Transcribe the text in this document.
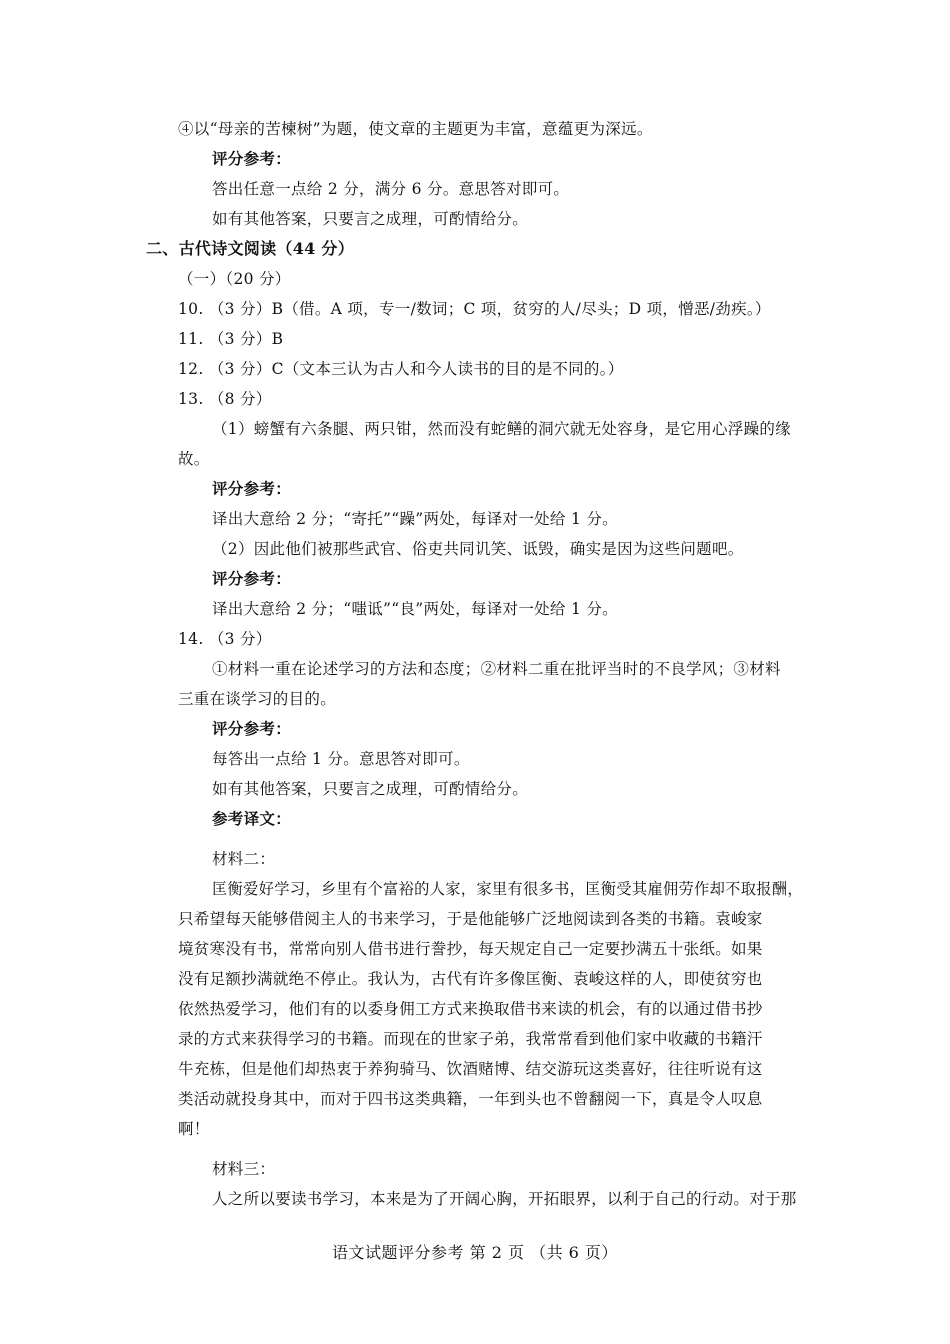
④以“母亲的苦楝树”为题，使文章的主题更为丰富，意蕴更为深远。
评分参考：
答出任意一点给 2 分，满分 6 分。意思答对即可。
如有其他答案，只要言之成理，可酌情给分。
二、古代诗文阅读（44 分）
（一）（20 分）
10. （3 分）B（借。A 项，专一/数词；C 项，贫穷的人/尽头；D 项，憎恶/劲疾。）
11. （3 分）B
12. （3 分）C（文本三认为古人和今人读书的目的是不同的。）
13. （8 分）
（1）螃蟹有六条腿、两只钳，然而没有蛇鳝的洞穴就无处容身，是它用心浮躁的缘
故。
评分参考：
译出大意给 2 分；“寄托”“躁”两处，每译对一处给 1 分。
（2）因此他们被那些武官、俗吏共同讥笑、诋毁，确实是因为这些问题吧。
评分参考：
译出大意给 2 分；“嗤诋”“良”两处，每译对一处给 1 分。
14. （3 分）
①材料一重在论述学习的方法和态度；②材料二重在批评当时的不良学风；③材料
三重在谈学习的目的。
评分参考：
每答出一点给 1 分。意思答对即可。
如有其他答案，只要言之成理，可酌情给分。
参考译文：
材料二：
匡衡爱好学习，乡里有个富裕的人家，家里有很多书，匡衡受其雇佣劳作却不取报酬，
只希望每天能够借阅主人的书来学习，于是他能够广泛地阅读到各类的书籍。袁峻家
境贫寒没有书，常常向别人借书进行誊抄，每天规定自己一定要抄满五十张纸。如果
没有足额抄满就绝不停止。我认为，古代有许多像匡衡、袁峻这样的人，即使贫穷也
依然热爱学习，他们有的以委身佣工方式来换取借书来读的机会，有的以通过借书抄
录的方式来获得学习的书籍。而现在的世家子弟，我常常看到他们家中收藏的书籍汗
牛充栋，但是他们却热衷于养狗骑马、饮酒赌博、结交游玩这类喜好，往往听说有这
类活动就投身其中，而对于四书这类典籍，一年到头也不曾翻阅一下，真是令人叹息
啊！
材料三：
人之所以要读书学习，本来是为了开阔心胸，开拓眼界，以利于自己的行动。对于那
语文试题评分参考 第 2 页 （共 6 页）
